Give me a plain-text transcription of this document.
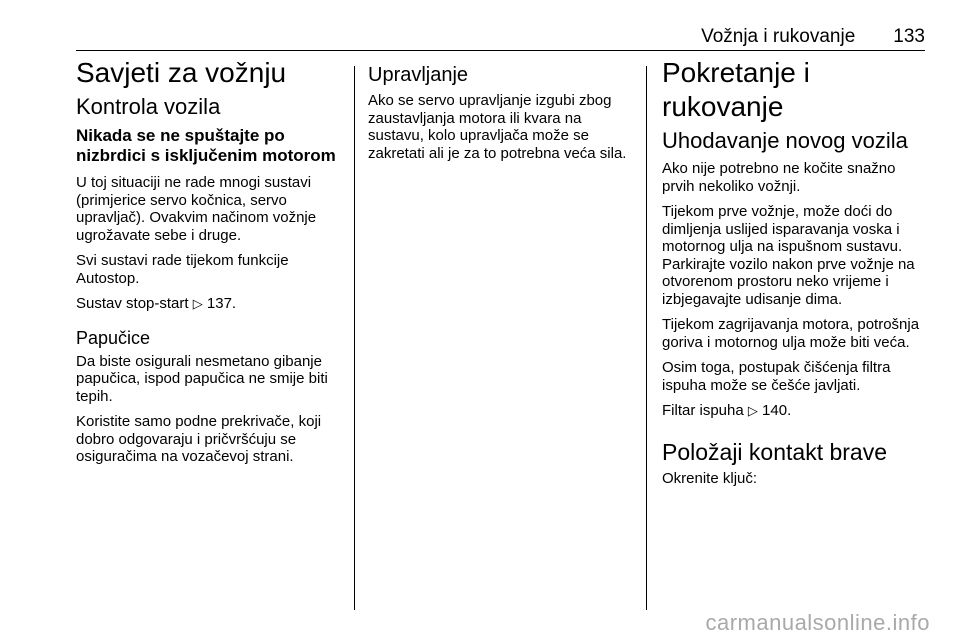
Vožnja i rukovanje 133
Savjeti za vožnju
Kontrola vozila
Nikada se ne spuštajte po nizbrdici s isključenim motorom

U toj situaciji ne rade mnogi sustavi (primjerice servo kočnica, servo upravljač). Ovakvim načinom vožnje ugrožavate sebe i druge.

Svi sustavi rade tijekom funkcije Autostop.

Sustav stop-start ▷ 137.

Papučice

Da biste osigurali nesmetano gibanje papučica, ispod papučica ne smije biti tepih.

Koristite samo podne prekrivače, koji dobro odgovaraju i pričvršćuju se osiguračima na vozačevoj strani.

Upravljanje

Ako se servo upravljanje izgubi zbog zaustavljanja motora ili kvara na sustavu, kolo upravljača može se zakretati ali je za to potrebna veća sila.

Pokretanje i rukovanje
Uhodavanje novog vozila

Ako nije potrebno ne kočite snažno prvih nekoliko vožnji.

Tijekom prve vožnje, može doći do dimljenja uslijed isparavanja voska i motornog ulja na ispušnom sustavu. Parkirajte vozilo nakon prve vožnje na otvorenom prostoru neko vrijeme i izbjegavajte udisanje dima.

Tijekom zagrijavanja motora, potrošnja goriva i motornog ulja može biti veća.

Osim toga, postupak čišćenja filtra ispuha može se češće javljati.

Filtar ispuha ▷ 140.

Položaji kontakt brave

Okrenite ključ:

carmanualsonline.info
